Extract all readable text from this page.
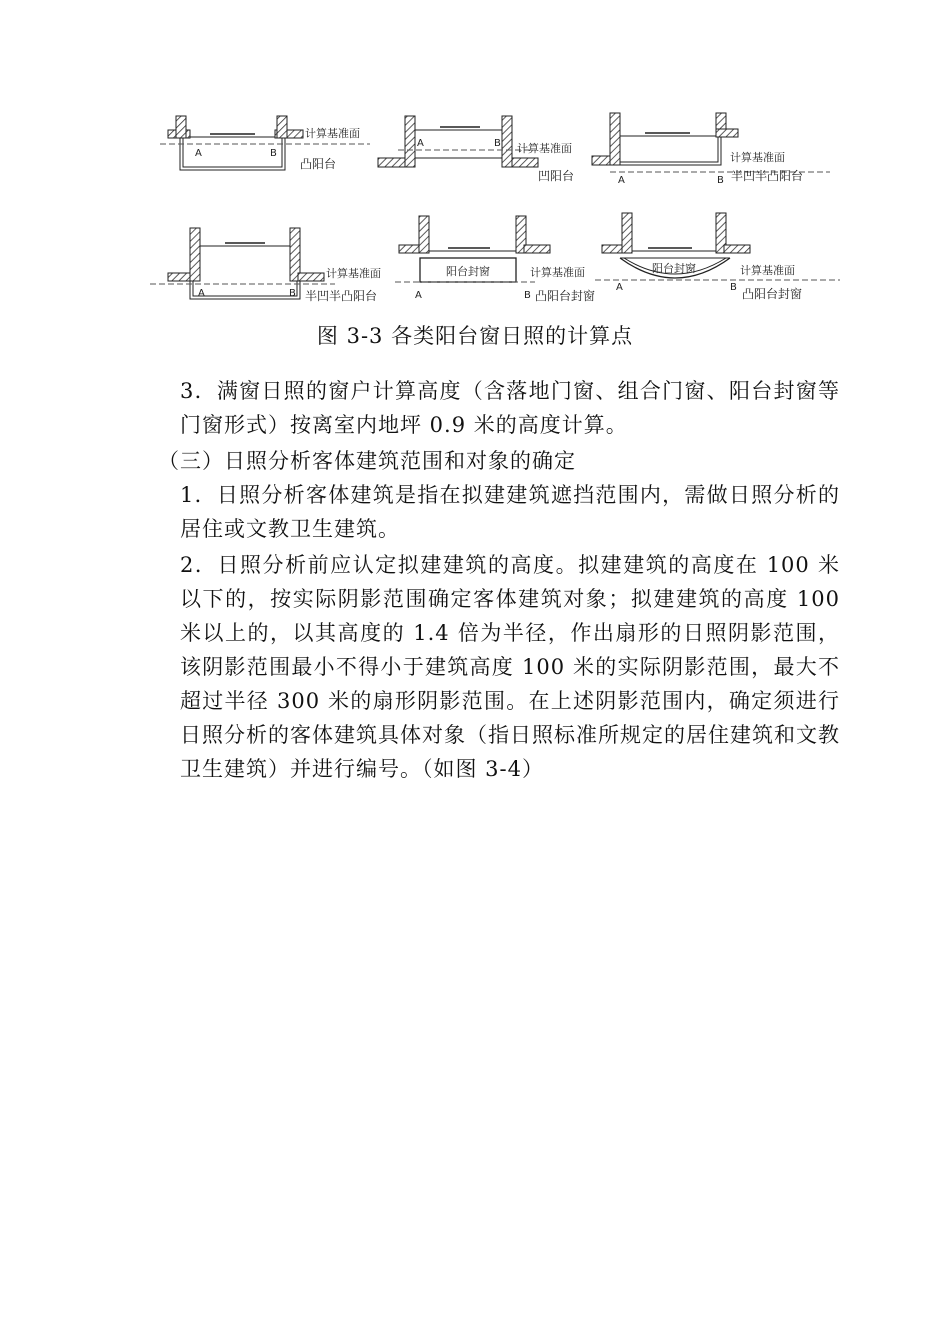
A	B
计算基准面
凸阳台
A	B 计算基准面
凹阳台	A	B
计算基准面
半凹半凸阳台
A	B
计算基准面
半凹半凸阳台
阳台封窗
A	B
计算基准面
凸阳台封窗
阳台封窗
A	B
计算基准面
凸阳台封窗
图 3-3 各类阳台窗日照的计算点

3．满窗日照的窗户计算高度（含落地门窗、组合门窗、阳台封窗等门窗形式）按离室内地坪 0.9 米的高度计算。

（三）日照分析客体建筑范围和对象的确定

1．日照分析客体建筑是指在拟建建筑遮挡范围内，需做日照分析的居住或文教卫生建筑。

2．日照分析前应认定拟建建筑的高度。拟建建筑的高度在 100 米以下的，按实际阴影范围确定客体建筑对象；拟建建筑的高度 100 米以上的，以其高度的 1.4 倍为半径，作出扇形的日照阴影范围，该阴影范围最小不得小于建筑高度 100 米的实际阴影范围，最大不超过半径 300 米的扇形阴影范围。在上述阴影范围内，确定须进行日照分析的客体建筑具体对象（指日照标准所规定的居住建筑和文教卫生建筑）并进行编号。（如图 3-4）
